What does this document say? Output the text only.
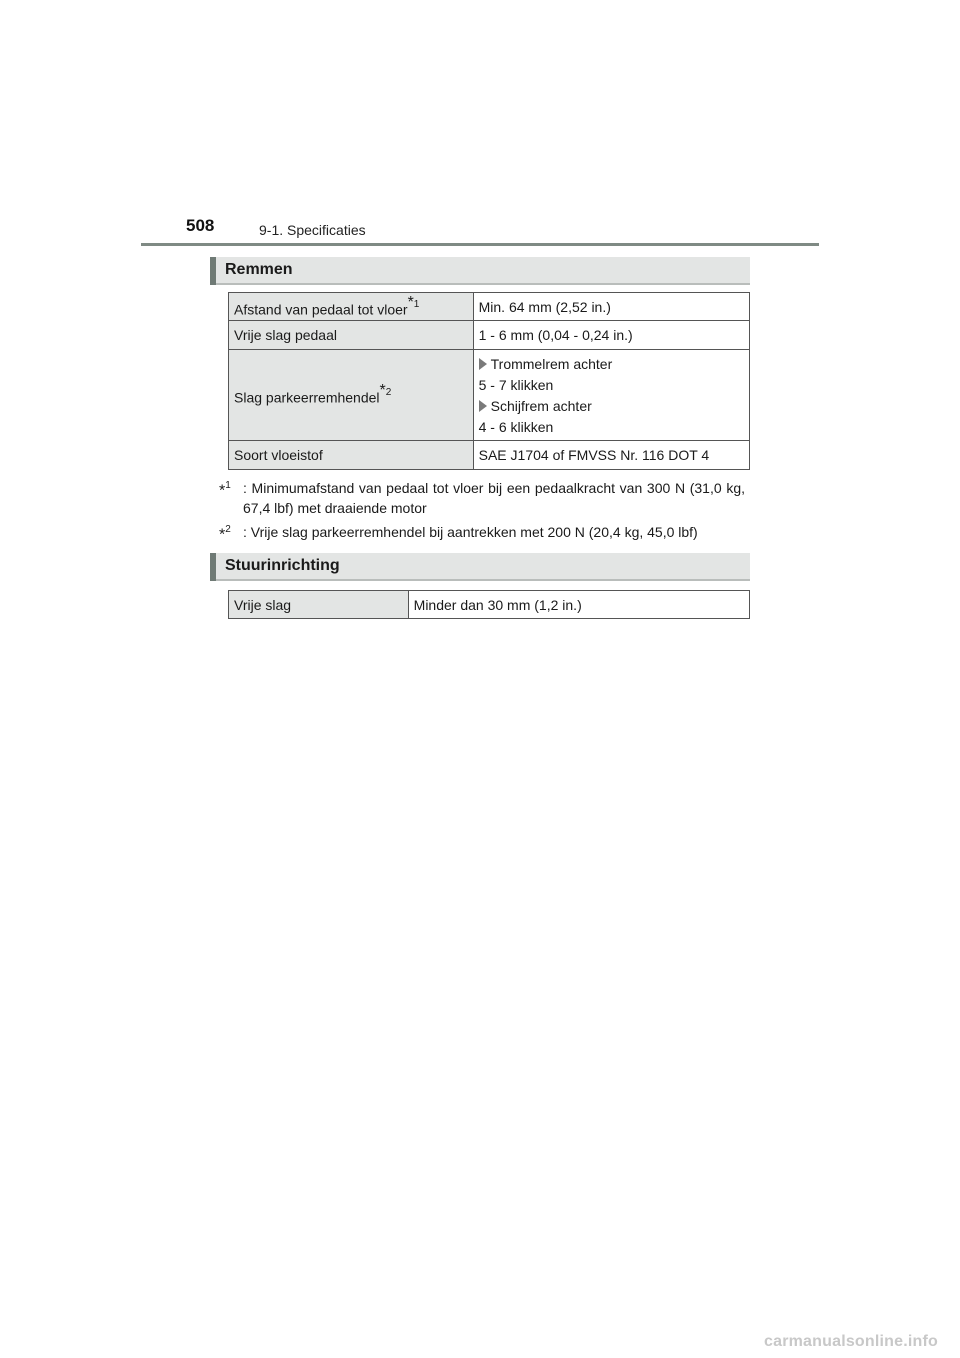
508	9-1. Specificaties
Remmen
Afstand van pedaal tot vloer$^{*1}$	Min. 64 mm (2,52 in.)
Vrije slag pedaal	1 - 6 mm (0,04 - 0,24 in.)
Slag parkeerremhendel$^{*2}$	Trommelrem achter
5 - 7 klikken
Schijfrem achter
4 - 6 klikken

Soort vloeistof	SAE J1704 of FMVSS Nr. 116 DOT 4
*$^1$ : Minimumafstand van pedaal tot vloer bij een pedaalkracht van 300 N (31,0 kg, 67,4 lbf) met draaiende motor
*$^2$ : Vrije slag parkeerremhendel bij aantrekken met 200 N (20,4 kg, 45,0 lbf)
Stuurinrichting
Vrije slag	Minder dan 30 mm (1,2 in.)
carmanualsonline.info
